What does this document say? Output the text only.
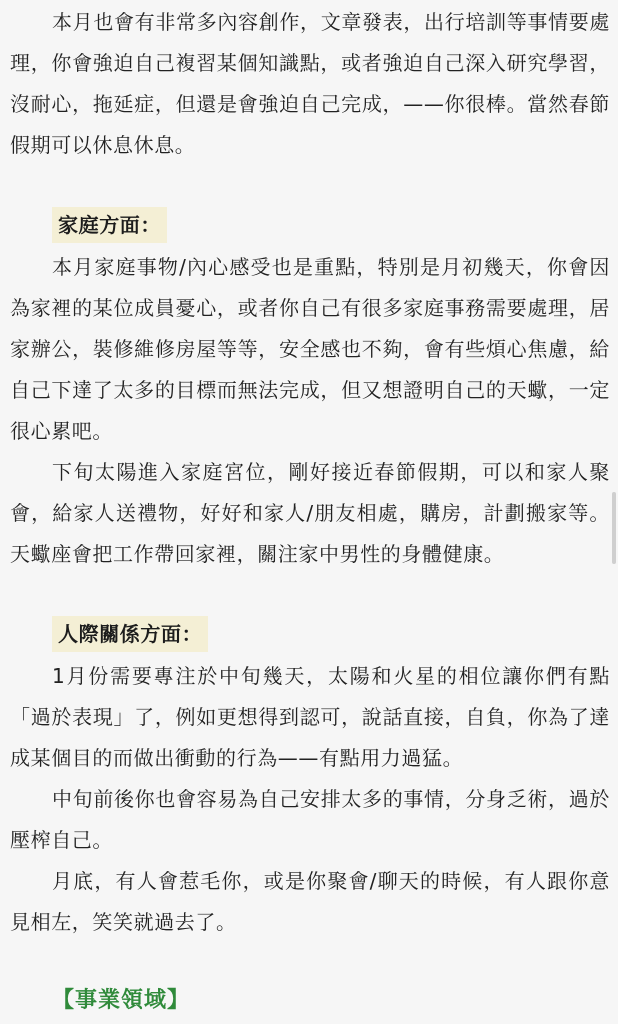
本月也會有非常多內容創作，文章發表，出行培訓等事情要處理，你會強迫自己複習某個知識點，或者強迫自己深入研究學習，沒耐心，拖延症，但還是會強迫自己完成，——你很棒。當然春節假期可以休息休息。

家庭方面：

本月家庭事物/內心感受也是重點，特別是月初幾天，你會因為家裡的某位成員憂心，或者你自己有很多家庭事務需要處理，居家辦公，裝修維修房屋等等，安全感也不夠，會有些煩心焦慮，給自己下達了太多的目標而無法完成，但又想證明自己的天蠍，一定很心累吧。

下旬太陽進入家庭宮位，剛好接近春節假期，可以和家人聚會，給家人送禮物，好好和家人/朋友相處，購房，計劃搬家等。天蠍座會把工作帶回家裡，關注家中男性的身體健康。

人際關係方面：

1月份需要專注於中旬幾天，太陽和火星的相位讓你們有點「過於表現」了，例如更想得到認可，說話直接，自負，你為了達成某個目的而做出衝動的行為——有點用力過猛。

中旬前後你也會容易為自己安排太多的事情，分身乏術，過於壓榨自己。

月底，有人會惹毛你，或是你聚會/聊天的時候，有人跟你意見相左，笑笑就過去了。

【事業領域】
